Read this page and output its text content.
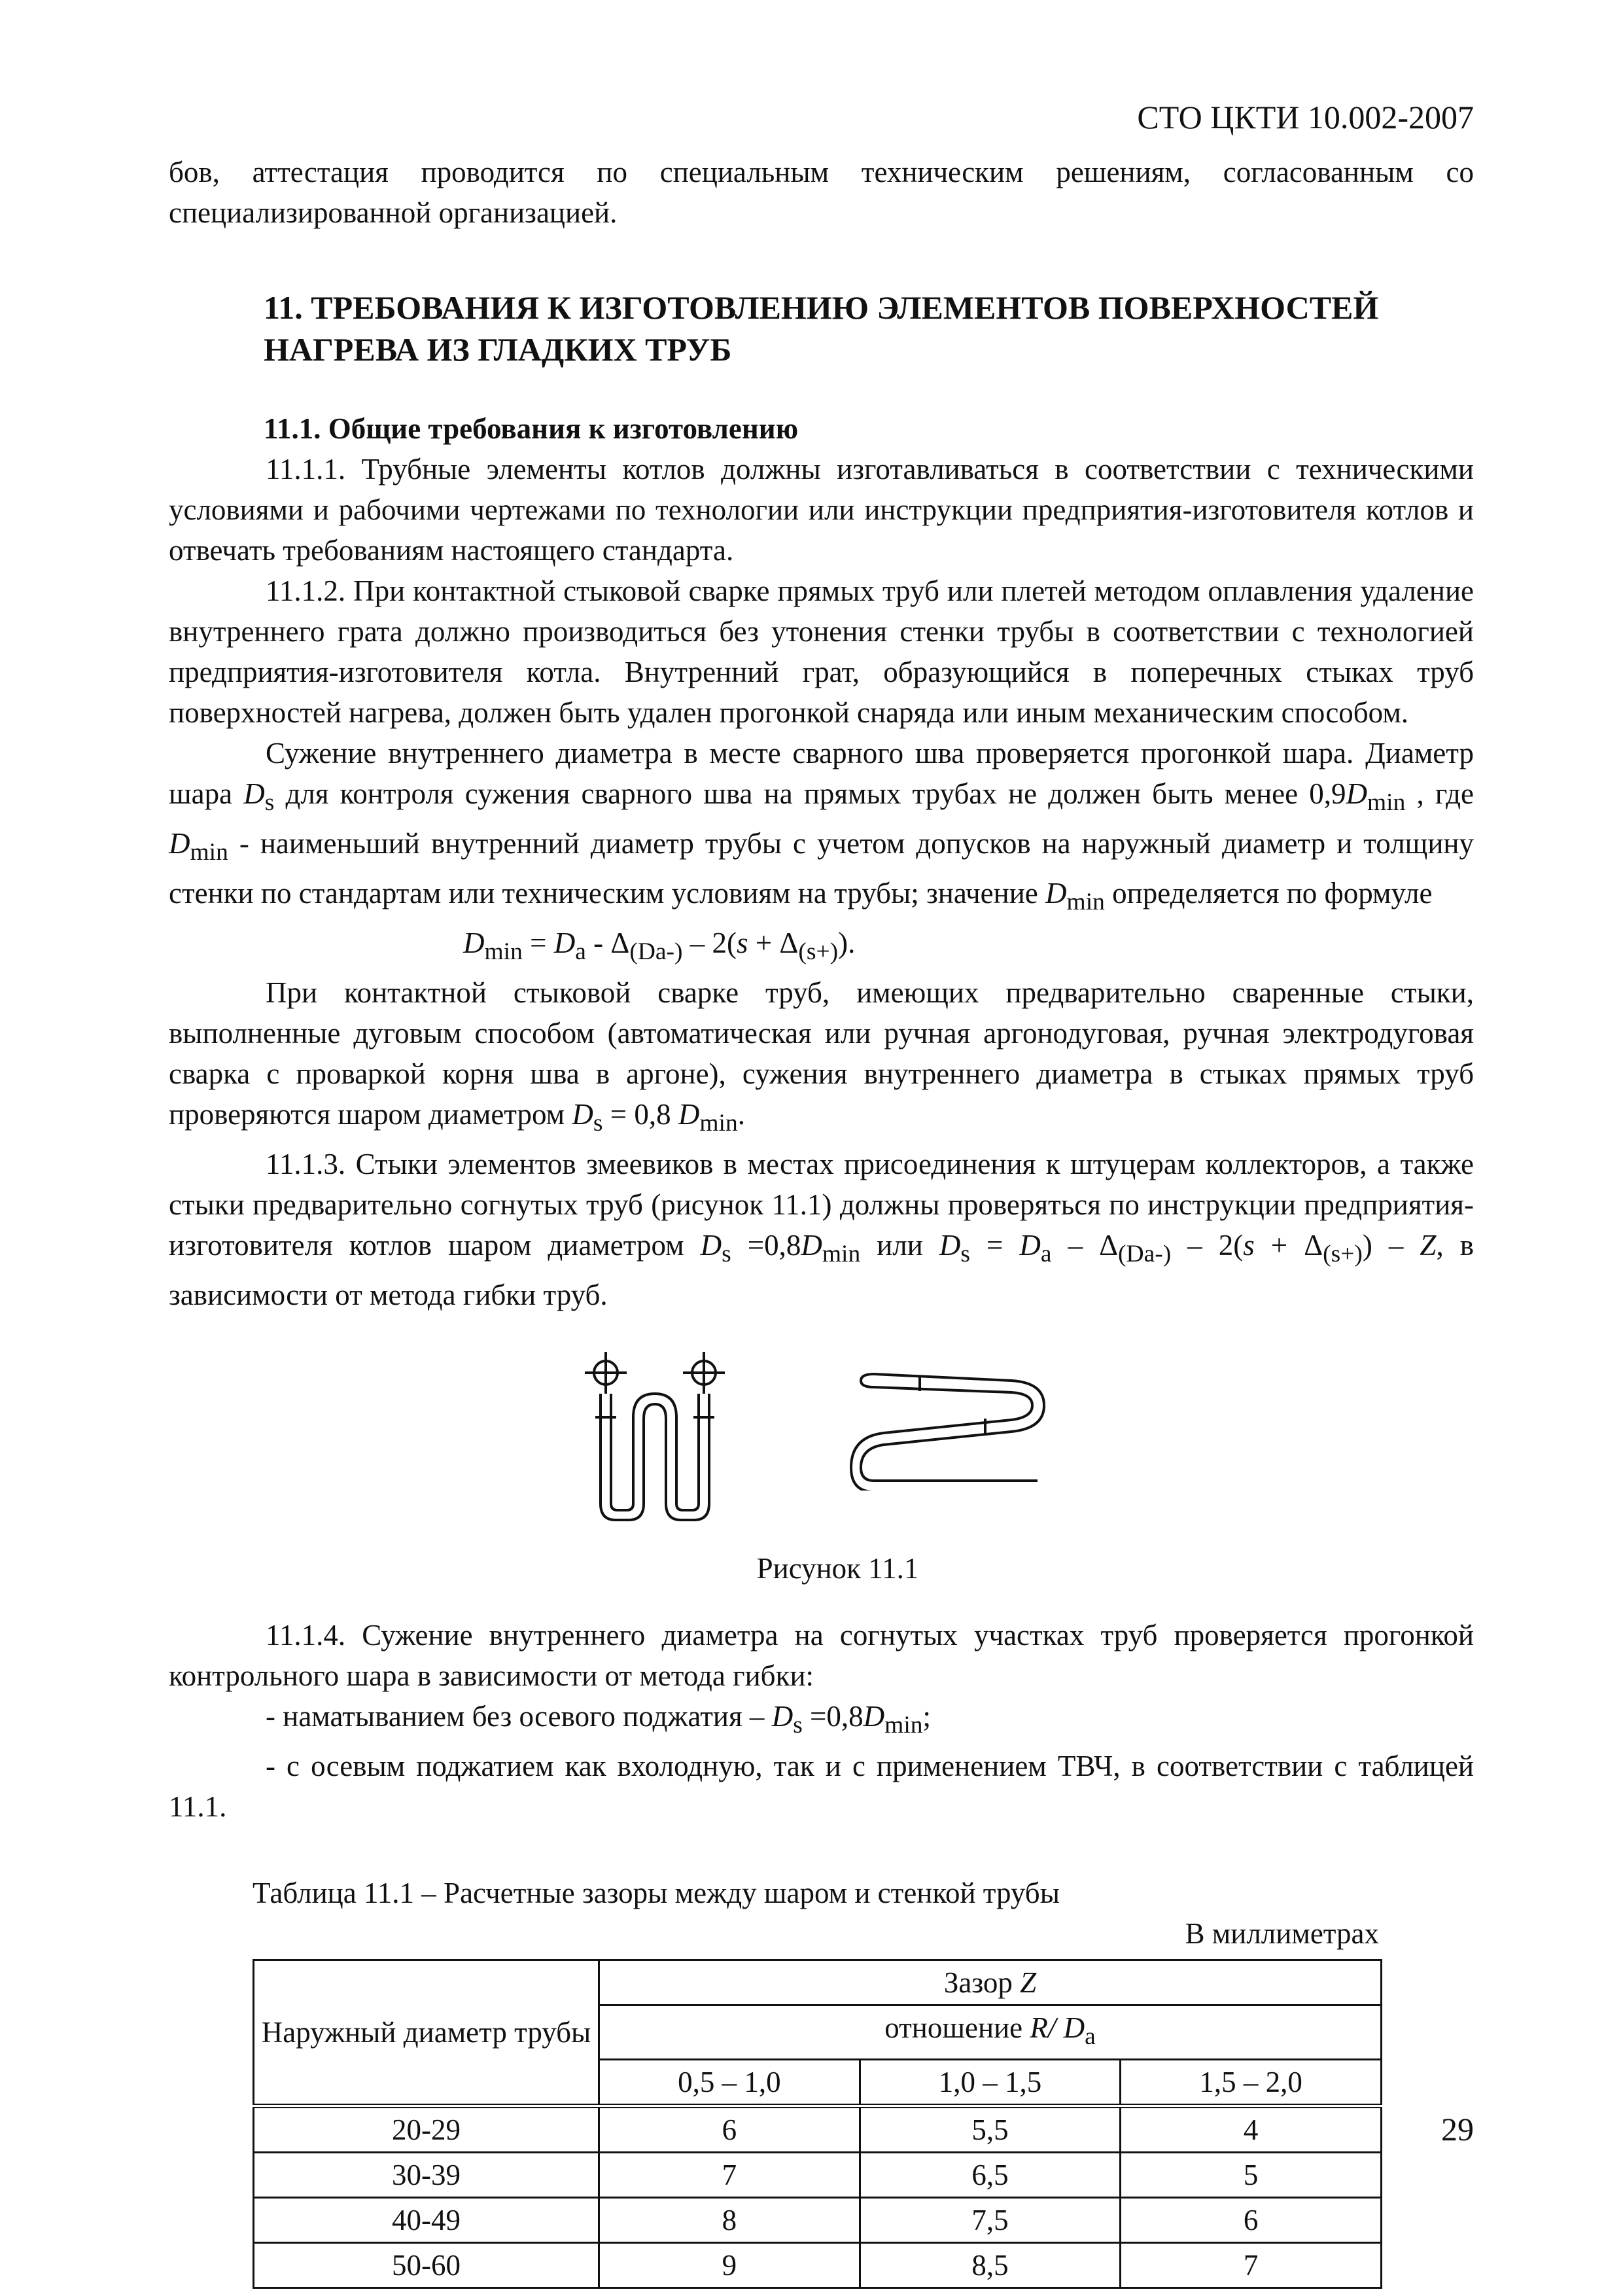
СТО ЦКТИ 10.002-2007

бов, аттестация проводится по специальным техническим решениям, согласованным со специализированной организацией.

11. ТРЕБОВАНИЯ К ИЗГОТОВЛЕНИЮ ЭЛЕМЕНТОВ ПОВЕРХНОСТЕЙ НАГРЕВА ИЗ ГЛАДКИХ ТРУБ

11.1. Общие требования к изготовлению

11.1.1. Трубные элементы котлов должны изготавливаться в соответствии с техническими условиями и рабочими чертежами по технологии или инструкции предприятия-изготовителя котлов и отвечать требованиям настоящего стандарта.

11.1.2. При контактной стыковой сварке прямых труб или плетей методом оплавления удаление внутреннего грата должно производиться без утонения стенки трубы в соответствии с технологией предприятия-изготовителя котла. Внутренний грат, образующийся в поперечных стыках труб поверхностей нагрева, должен быть удален прогонкой снаряда или иным механическим способом.

Сужение внутреннего диаметра в месте сварного шва проверяется прогонкой шара. Диаметр шара $D_s$ для контроля сужения сварного шва на прямых трубах не должен быть менее $0,9D_{min}$ , где $D_{min}$ - наименьший внутренний диаметр трубы с учетом допусков на наружный диаметр и толщину стенки по стандартам или техническим условиям на трубы; значение $D_{min}$ определяется по формуле

$D_{min} = D_a - \Delta_{(Da-)} - 2(s + \Delta_{(s+)})$.

При контактной стыковой сварке труб, имеющих предварительно сваренные стыки, выполненные дуговым способом (автоматическая или ручная аргонодуговая, ручная электродуговая сварка с проваркой корня шва в аргоне), сужения внутреннего диаметра в стыках прямых труб проверяются шаром диаметром $D_s = 0,8$ $D_{min}$.

11.1.3. Стыки элементов змеевиков в местах присоединения к штуцерам коллекторов, а также стыки предварительно согнутых труб (рисунок 11.1) должны проверяться по инструкции предприятия-изготовителя котлов шаром диаметром $D_s =0,8D_{min}$ или $D_s = D_a - \Delta_{(Da-)} - 2(s + \Delta_{(s+)}) - Z$, в зависимости от метода гибки труб.

Рисунок 11.1

11.1.4. Сужение внутреннего диаметра на согнутых участках труб проверяется прогонкой контрольного шара в зависимости от метода гибки:

- наматыванием без осевого поджатия – $D_s =0,8D_{min}$;

- с осевым поджатием как вхолодную, так и с применением ТВЧ, в соответствии с таблицей 11.1.

Таблица 11.1 – Расчетные зазоры между шаром и стенкой трубы

В миллиметрах

Наружный диаметр трубы	Зазор Z		
	отношение R/ $D_a$
	0,5 – 1,0	1,0 – 1,5	1,5 – 2,0
20-29	6	5,5	4
30-39	7	6,5	5
40-49	8	7,5	6
50-60	9	8,5	7
29
